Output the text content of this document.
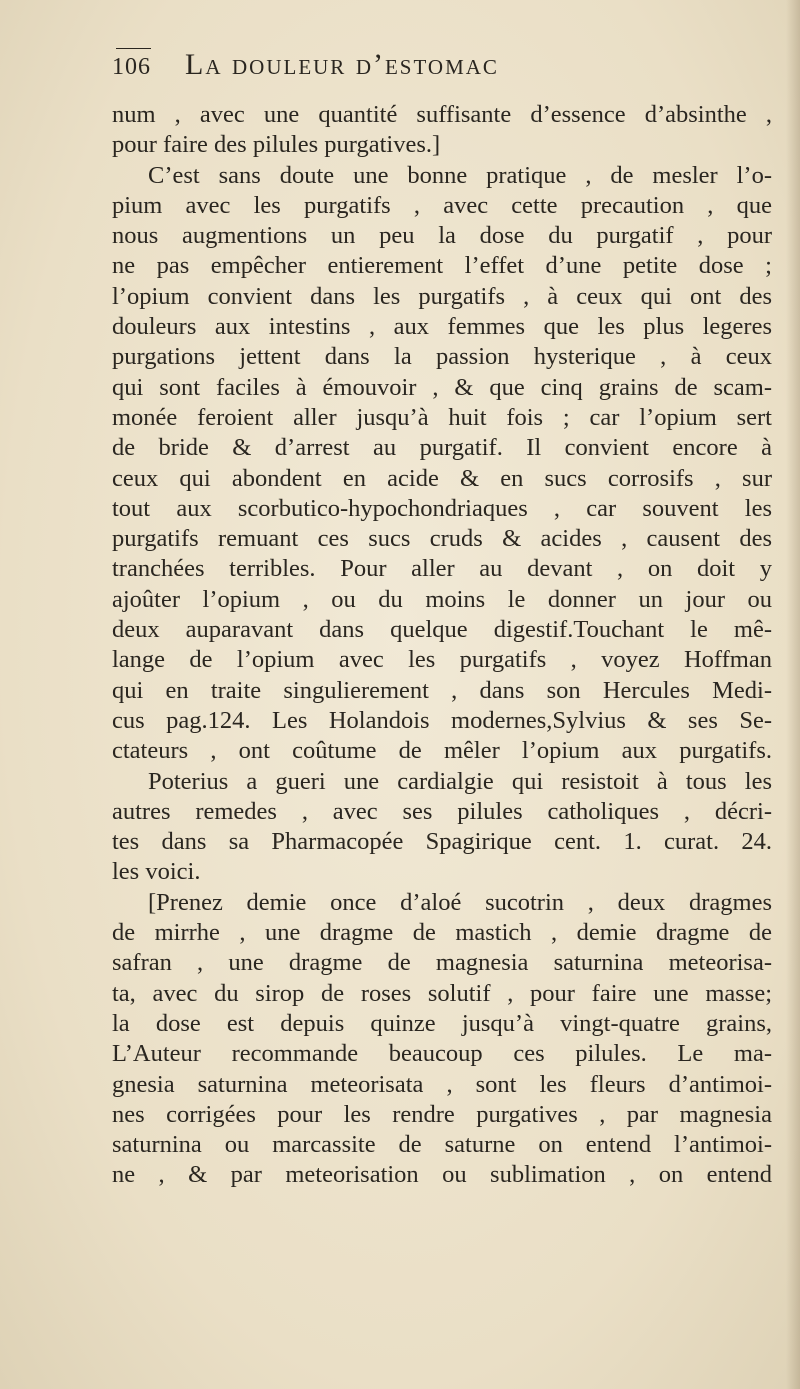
106 La douleur d’estomac
num , avec une quantité suffisante d’essence d’absinthe ,
pour faire des pilules purgatives.]
C’est sans doute une bonne pratique , de mesler l’o-
pium avec les purgatifs , avec cette precaution , que
nous augmentions un peu la dose du purgatif , pour
ne pas empêcher entierement l’effet d’une petite dose ;
l’opium convient dans les purgatifs , à ceux qui ont des
douleurs aux intestins , aux femmes que les plus legeres
purgations jettent dans la passion hysterique , à ceux
qui sont faciles à émouvoir , & que cinq grains de scam-
monée feroient aller jusqu’à huit fois ; car l’opium sert
de bride & d’arrest au purgatif. Il convient encore à
ceux qui abondent en acide & en sucs corrosifs , sur
tout aux scorbutico-hypochondriaques , car souvent les
purgatifs remuant ces sucs cruds & acides , causent des
tranchées terribles. Pour aller au devant , on doit y
ajoûter l’opium , ou du moins le donner un jour ou
deux auparavant dans quelque digestif.Touchant le mê-
lange de l’opium avec les purgatifs , voyez Hoffman
qui en traite singulierement , dans son Hercules Medi-
cus pag.124. Les Holandois modernes,Sylvius & ses Se-
ctateurs , ont coûtume de mêler l’opium aux purgatifs.
Poterius a gueri une cardialgie qui resistoit à tous les
autres remedes , avec ses pilules catholiques , décri-
tes dans sa Pharmacopée Spagirique cent. 1. curat. 24.
les voici.
[Prenez demie once d’aloé sucotrin , deux dragmes
de mirrhe , une dragme de mastich , demie dragme de
safran , une dragme de magnesia saturnina meteorisa-
ta, avec du sirop de roses solutif , pour faire une masse;
la dose est depuis quinze jusqu’à vingt-quatre grains,
L’Auteur recommande beaucoup ces pilules. Le ma-
gnesia saturnina meteorisata , sont les fleurs d’antimoi-
nes corrigées pour les rendre purgatives , par magnesia
saturnina ou marcassite de saturne on entend l’antimoi-
ne , & par meteorisation ou sublimation , on entend
